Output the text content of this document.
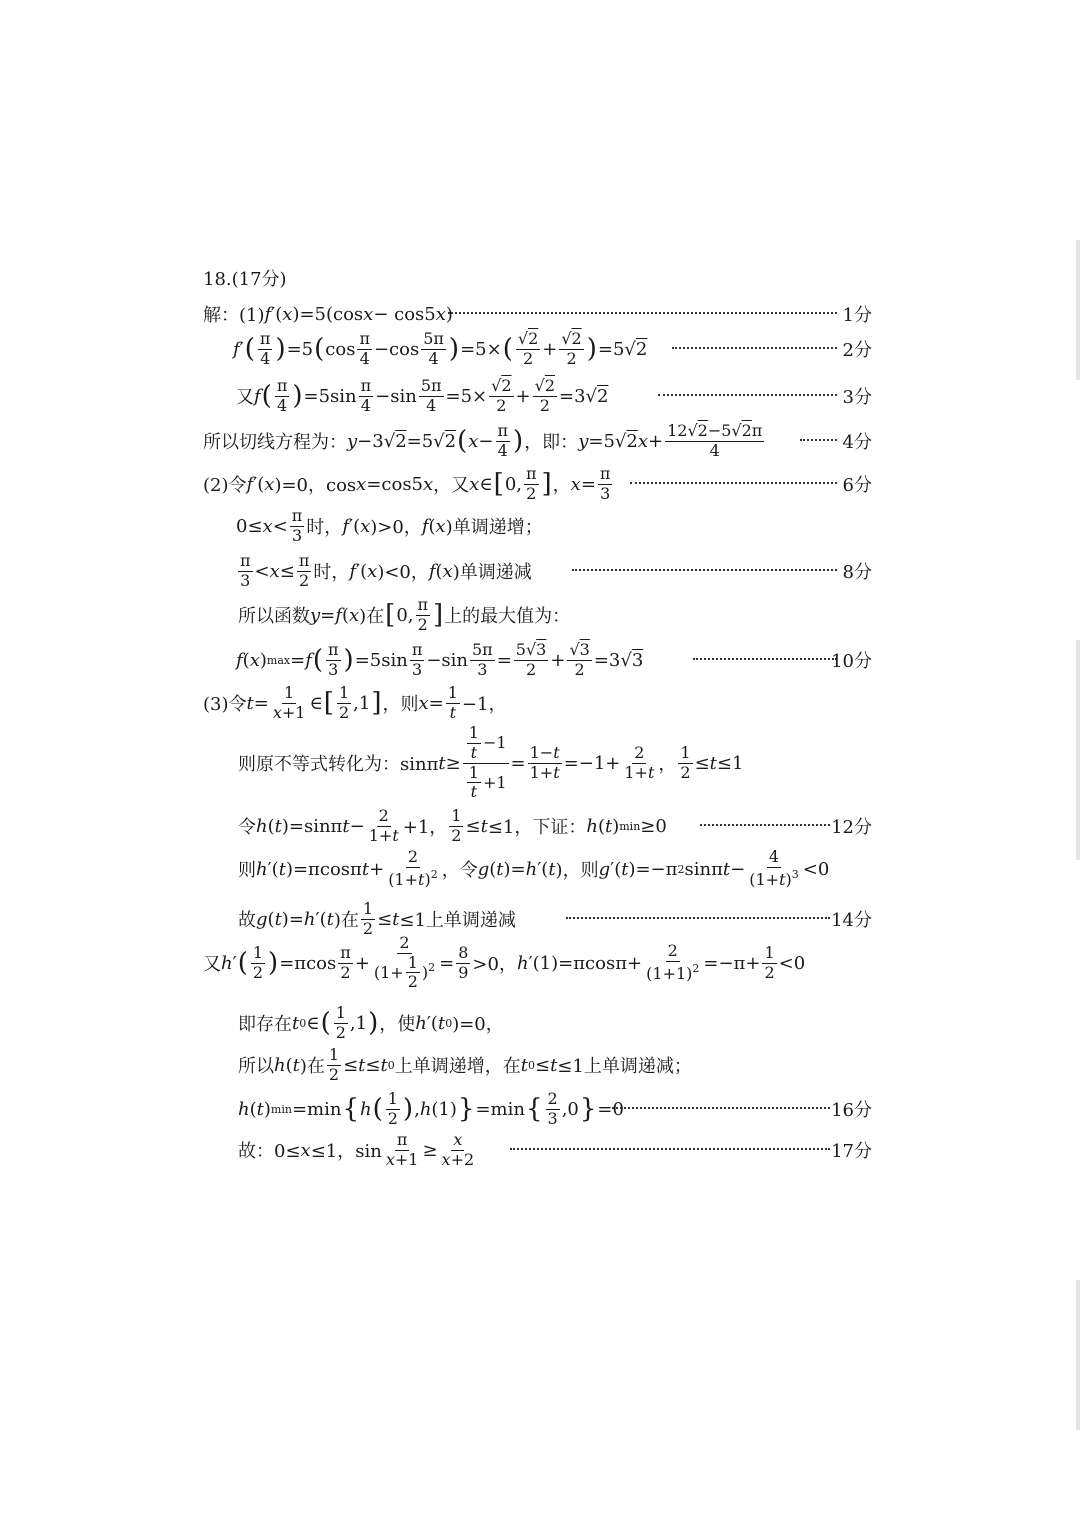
18.(17分)
解：(1) f ′( x )=5(cos x − cos5 x )	1分
f ′ ( π
4 ) =5 ( cos
π
4 −cos
5π
4 ) =5× ( √2
2 +
√2
2 ) =5√ 2	2分
又 f ( π
4 ) =5sin
π
4 −sin
5π
4 =5×
√2
2 +
√2
2 =3√ 2	3分
所以切线方程为： y −3√ 2 =5√ 2 ( x −
π
4 ) ，即： y =5√ 2 x +
12√2−5√2π
4	4分
(2)令 f ′( x )=0，cos x =cos5 x ，又 x ∈ [ 0,
π
2 ] ， x =
π
3	6分
0≤ x <
π
3 时， f ′( x )>0， f ( x )单调递增；
π
3 < x ≤
π
2 时， f ′( x )<0， f ( x )单调递减	8分
所以函数 y = f ( x )在 [ 0,
π
2 ] 上的最大值为：
f ( x ) max = f ( π
3 ) =5sin
π
3 −sin
5π
3 =
5√3
2 +
√3
2 =3√ 3	10分
(3)令 t =
1
x+1 ∈ [ 1
2 ,1 ] ，则 x =
1
t −1，
则原不等式转化为：sinπ t ≥
$\frac{1}{t} -1$
$\frac{1}{t} +1$
=
1−t
1+t =−1+
2
1+t ，
1
2 ≤ t ≤1
令 h ( t )=sinπ t −
2
1+t +1，
1
2 ≤ t ≤1，下证： h ( t ) min ≥0	12分
则 h ′( t )=πcosπ t +
2
$(1+t)^2$ ，令 g ( t )= h ′( t )，则 g ′( t )=−π 2 sinπ t −
4
$(1+t)^3 <0$
故 g ( t )= h ′( t )在
1
2 ≤ t ≤1上单调递减	14分
又 h ′ ( 1
2 ) =πcos
π
2 +
2
$(1+ \frac{1}{2} )^2$ =
8
9 >0， h ′(1)=πcosπ+
2
$(1+1)^2 =-\pi+$
1
2 <0
即存在 t 0 ∈ ( 1
2 ,1 ) ，使 h ′( t 0 )=0，
所以 h ( t )在
1
2 ≤ t ≤ t 0 上单调递增，在 t 0 ≤ t ≤1上单调递减；
h ( t ) min =min { h ( 1
2 ) , h (1) } =min { 2
3 ,0 } =0	16分
故：0≤ x ≤1，sin
π
x+1 ≥
x
x+2	17分
